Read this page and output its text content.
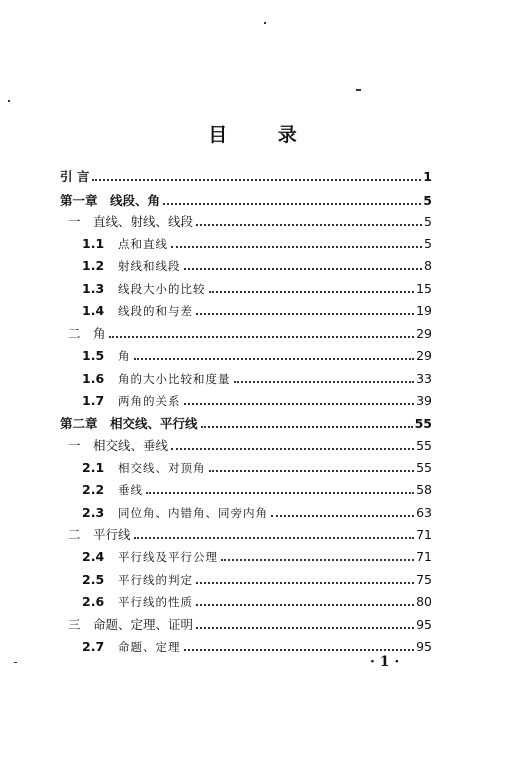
目 录
引 言	1
第一章　线段、角	5
一　直线、射线、线段	5
1.1	点和直线	5
1.2	射线和线段	8
1.3	线段大小的比较	15
1.4	线段的和与差	19
二　角	29
1.5	角	29
1.6	角的大小比较和度量	33
1.7	两角的关系	39
第二章　相交线、平行线	55
一　相交线、垂线	55
2.1	相交线、对顶角	55
2.2	垂线	58
2.3	同位角、内错角、同旁内角	63
二　平行线	71
2.4	平行线及平行公理	71
2.5	平行线的判定	75
2.6	平行线的性质	80
三　命题、定理、证明	95
2.7	命题、定理	95
· 1 ·
